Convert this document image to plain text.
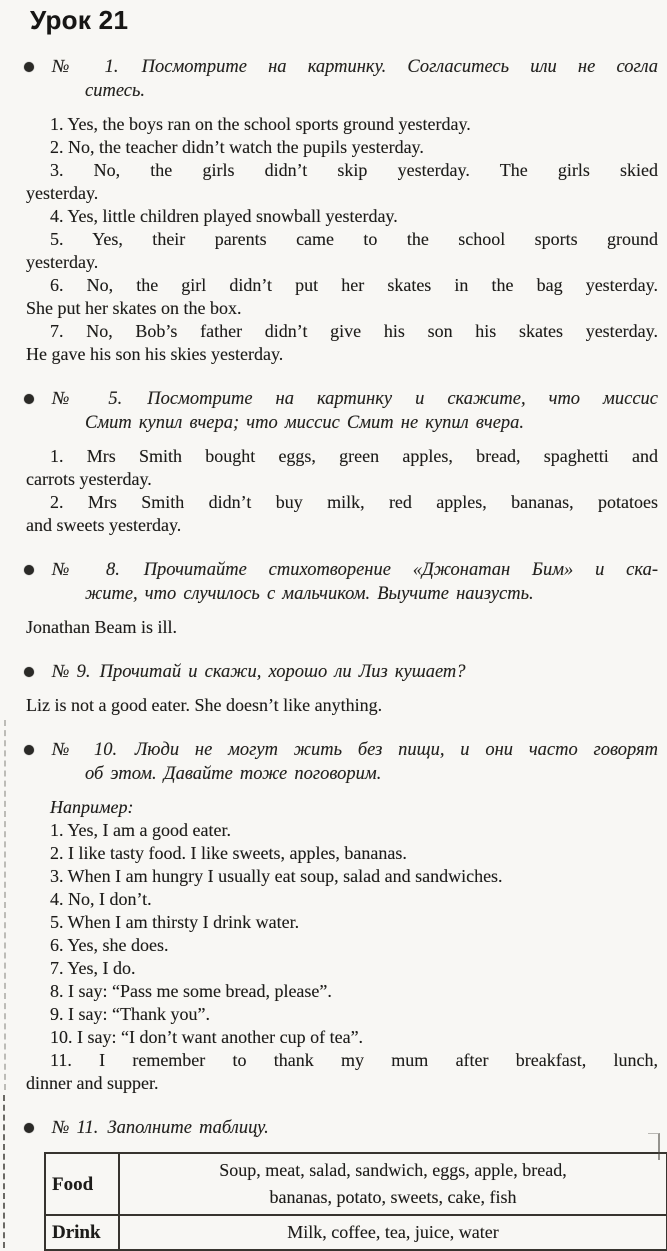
Урок 21
№ 1. Посмотрите на картинку. Согласитесь или не согла
ситесь.
1. Yes, the boys ran on the school sports ground yesterday.
2. No, the teacher didn’t watch the pupils yesterday.
3. No, the girls didn’t skip yesterday. The girls skied
yesterday.
4. Yes, little children played snowball yesterday.
5. Yes, their parents came to the school sports ground
yesterday.
6. No, the girl didn’t put her skates in the bag yesterday.
She put her skates on the box.
7. No, Bob’s father didn’t give his son his skates yesterday.
He gave his son his skies yesterday.
№ 5. Посмотрите на картинку и скажите, что миссис
Смит купил вчера; что миссис Смит не купил вчера.
1. Mrs Smith bought eggs, green apples, bread, spaghetti and
carrots yesterday.
2. Mrs Smith didn’t buy milk, red apples, bananas, potatoes
and sweets yesterday.
№ 8. Прочитайте стихотворение «Джонатан Бим» и ска-
жите, что случилось с мальчиком. Выучите наизусть.
Jonathan Beam is ill.
№ 9. Прочитай и скажи, хорошо ли Лиз кушает?
Liz is not a good eater. She doesn’t like anything.
№ 10. Люди не могут жить без пищи, и они часто говорят
об этом. Давайте тоже поговорим.
Например:
1. Yes, I am a good eater.
2. I like tasty food. I like sweets, apples, bananas.
3. When I am hungry I usually eat soup, salad and sandwiches.
4. No, I don’t.
5. When I am thirsty I drink water.
6. Yes, she does.
7. Yes, I do.
8. I say: “Pass me some bread, please”.
9. I say: “Thank you”.
10. I say: “I don’t want another cup of tea”.
11. I remember to thank my mum after breakfast, lunch,
dinner and supper.
№ 11. Заполните таблицу.
Food	Soup, meat, salad, sandwich, eggs, apple, bread,
bananas, potato, sweets, cake, fish

Drink	Milk, coffee, tea, juice, water
